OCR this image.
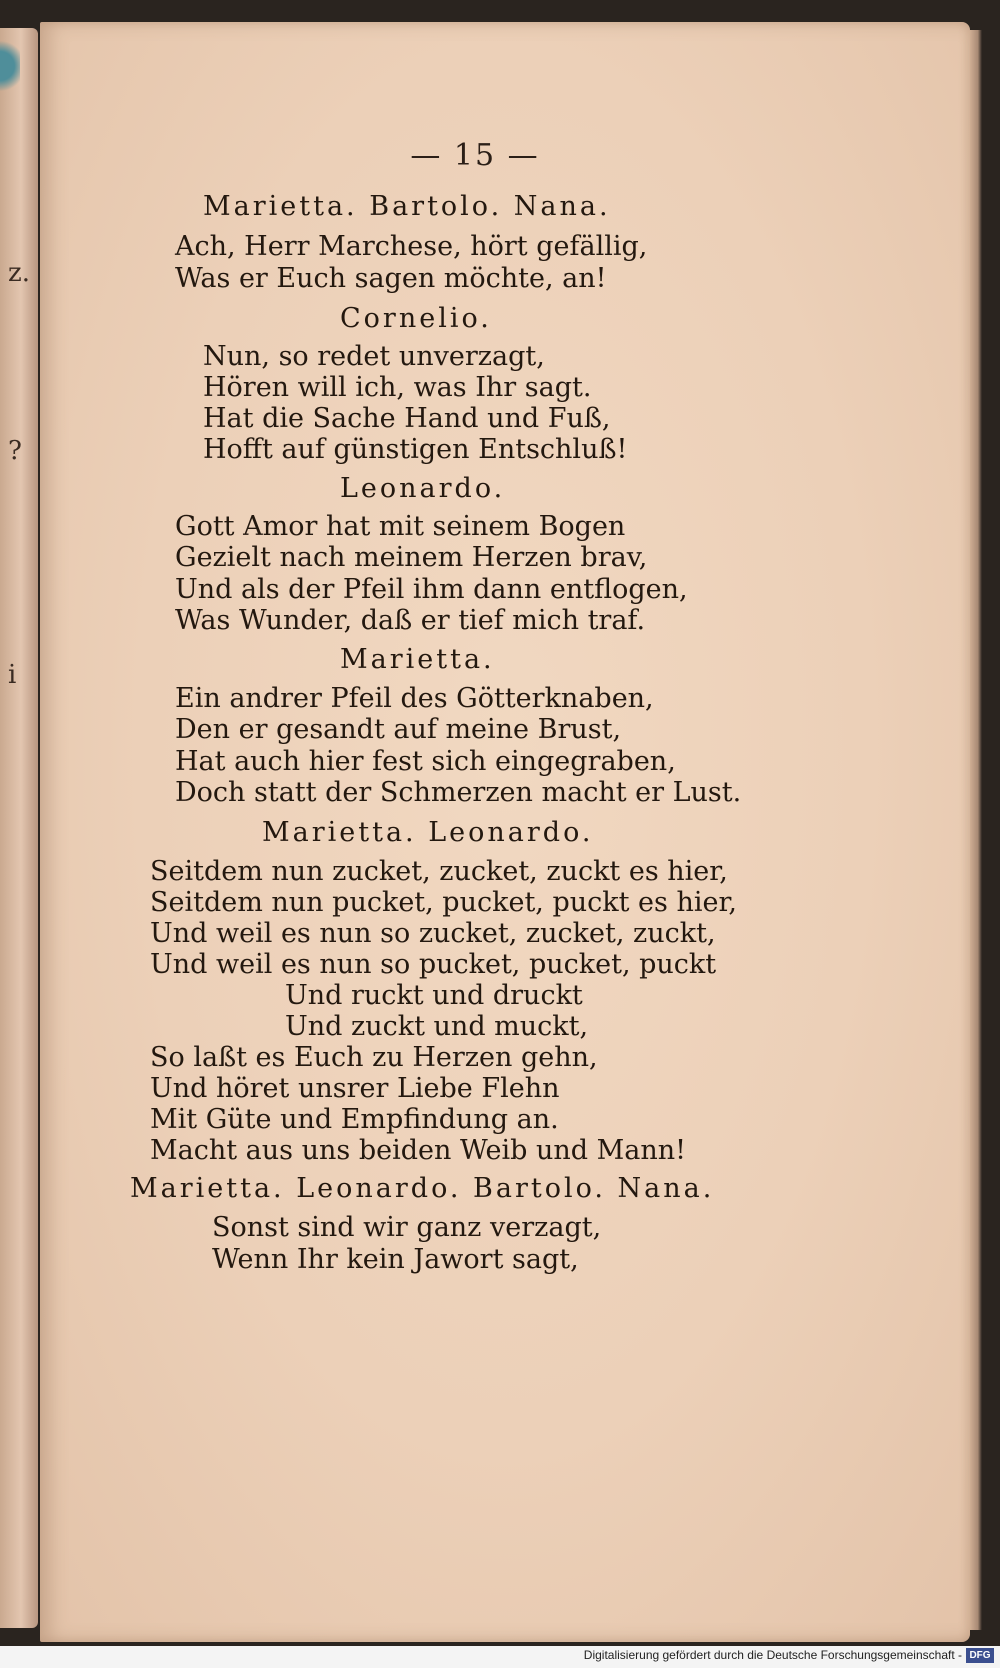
z.
?
i
— 15 —
Marietta. Bartolo. Nana.
Ach, Herr Marchese, hört gefällig,
Was er Euch sagen möchte, an!
Cornelio.
Nun, so redet unverzagt,
Hören will ich, was Ihr sagt.
Hat die Sache Hand und Fuß,
Hofft auf günstigen Entschluß!
Leonardo.
Gott Amor hat mit seinem Bogen
Gezielt nach meinem Herzen brav,
Und als der Pfeil ihm dann entflogen,
Was Wunder, daß er tief mich traf.
Marietta.
Ein andrer Pfeil des Götterknaben,
Den er gesandt auf meine Brust,
Hat auch hier fest sich eingegraben,
Doch statt der Schmerzen macht er Lust.
Marietta. Leonardo.
Seitdem nun zucket, zucket, zuckt es hier,
Seitdem nun pucket, pucket, puckt es hier,
Und weil es nun so zucket, zucket, zuckt,
Und weil es nun so pucket, pucket, puckt
Und ruckt und druckt
Und zuckt und muckt,
So laßt es Euch zu Herzen gehn,
Und höret unsrer Liebe Flehn
Mit Güte und Empfindung an.
Macht aus uns beiden Weib und Mann!
Marietta. Leonardo. Bartolo. Nana.
Sonst sind wir ganz verzagt,
Wenn Ihr kein Jawort sagt,
Digitalisierung gefördert durch die Deutsche Forschungsgemeinschaft - DFG
